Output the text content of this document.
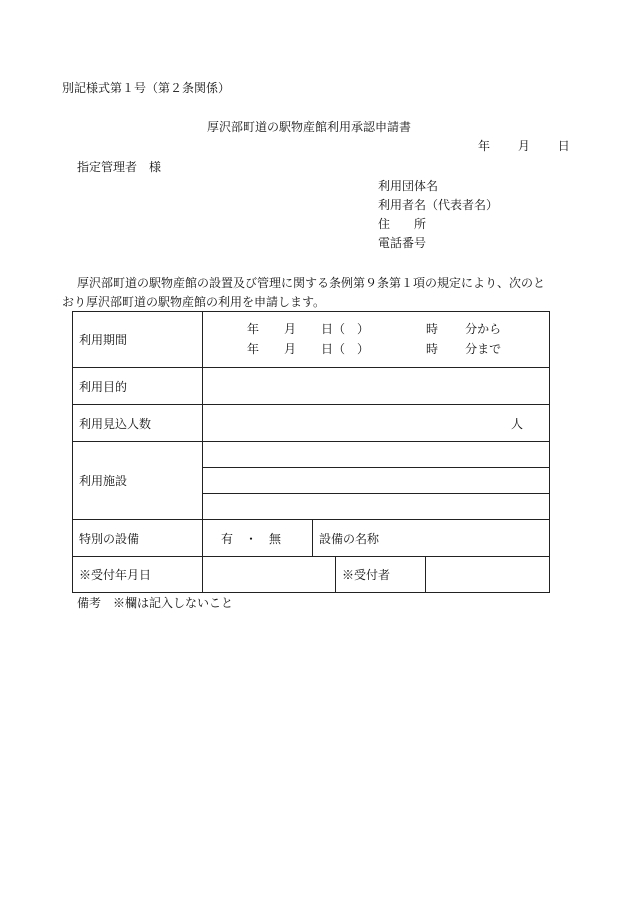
別記様式第１号（第２条関係）
厚沢部町道の駅物産館利用承認申請書
年 月 日
指定管理者　様
利用団体名
利用者名（代表者名）
住　　所
電話番号
厚沢部町道の駅物産館の設置及び管理に関する条例第９条第１項の規定により、次のと
おり厚沢部町道の駅物産館の利用を申請します。
利用期間	年 月 日（　） 時 分から
年 月 日（　） 時 分まで			

利用目的				
利用見込人数	人			
利用施設				

特別の設備	有　・　無	設備の名称		
※受付年月日			※受付者	
備考　※欄は記入しないこと
